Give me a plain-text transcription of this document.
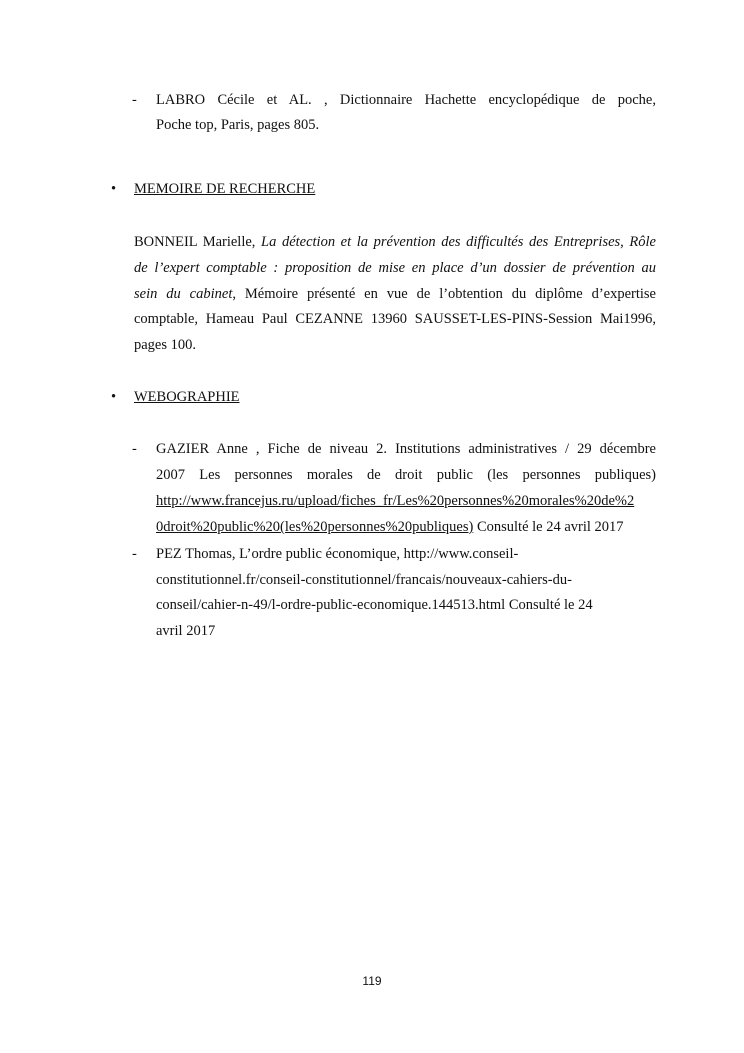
- LABRO Cécile et AL. , Dictionnaire Hachette encyclopédique de poche,
Poche top, Paris, pages 805.
• MEMOIRE DE RECHERCHE
BONNEIL Marielle, La détection et la prévention des difficultés des Entreprises, Rôle
de l’expert comptable : proposition de mise en place d’un dossier de prévention au
sein du cabinet, Mémoire présenté en vue de l’obtention du diplôme d’expertise
comptable, Hameau Paul CEZANNE 13960 SAUSSET-LES-PINS-Session Mai1996,
pages 100.
• WEBOGRAPHIE
- GAZIER Anne , Fiche de niveau 2. Institutions administratives / 29 décembre
2007 Les personnes morales de droit public (les personnes publiques)
http://www.francejus.ru/upload/fiches_fr/Les%20personnes%20morales%20de%2
0droit%20public%20(les%20personnes%20publiques) Consulté le 24 avril 2017
- PEZ Thomas, L’ordre public économique, http://www.conseil-
constitutionnel.fr/conseil-constitutionnel/francais/nouveaux-cahiers-du-
conseil/cahier-n-49/l-ordre-public-economique.144513.html Consulté le 24
avril 2017
119
